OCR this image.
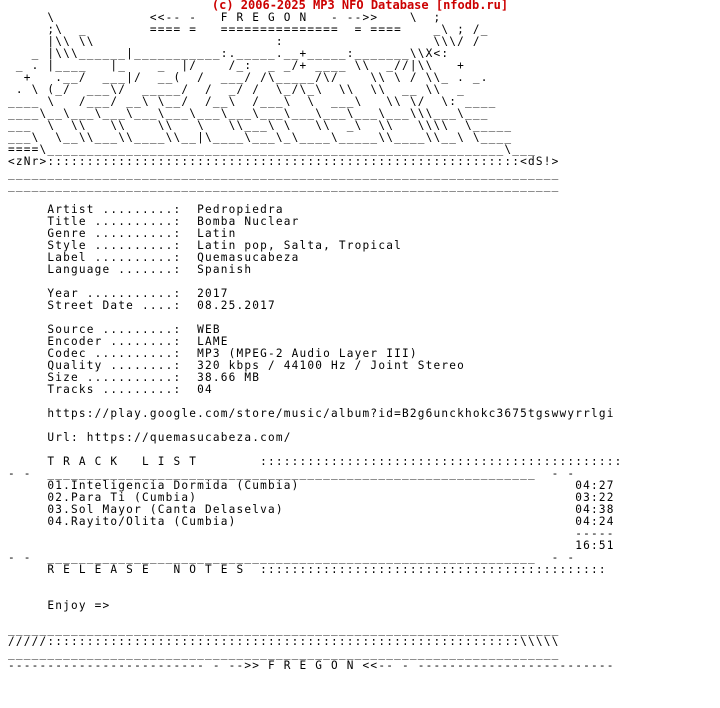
(c) 2006-2025 MP3 NFO Database [nfodb.ru]
\            <<-- -   F R E G O N   - -->>    \  ;
;\  _        ==== =   ===============  = ====    _\ ; /_
|\\ \\                       :                   \\\/ /
_ |\\\______|___________:._____.__+_____:_______\\X<:
_ . |____   |_    _  |/    /_:  _ _/+ ____ \\  _//|\\   +
+   .__/  ___|/  __(  /  ___/ /\_____/\/    \\ \ / \\_ . _.
. \ (_/  ___\/  _____/  /  _/ /  \_/\_\  \\  \\  __ \\  _
____ \   /___/ __\ \__/  /__\  /___\  \  ___\   \\ \/  \: ____
____\__\___\___\___\___\___\___\___\___\___\___\___\\\___\___
___  \  \\   \\    \\   \   \\___\ \   \\  _\  \\   \\\\  \_____
___\  \__\\___\\____\\__|\____\___\_\____\_____\\____\\__\ \____
====\__________________________________________________________\___
<zNr>::::::::::::::::::::::::::::::::::::::::::::::::::::::::::::<dS!>
______________________________________________________________________
______________________________________________________________________

Artist .........:  Pedropiedra
Title ..........:  Bomba Nuclear
Genre ..........:  Latin
Style ..........:  Latin pop, Salta, Tropical
Label ..........:  Quemasucabeza
Language .......:  Spanish

Year ...........:  2017
Street Date ....:  08.25.2017

Source .........:  WEB
Encoder ........:  LAME
Codec ..........:  MP3 (MPEG-2 Audio Layer III)
Quality ........:  320 kbps / 44100 Hz / Joint Stereo
Size ...........:  38.66 MB
Tracks .........:  04

https://play.google.com/store/music/album?id=B2g6unckhokc3675tgswwyrrlgi

Url: https://quemasucabeza.com/

T R A C K   L I S T        ::::::::::::::::::::::::::::::::::::::::::::::
- -  ______________________________________________________________  - -
01.Inteligencia Dormida (Cumbia)                                   04:27
02.Para Ti (Cumbia)                                                03:22
03.Sol Mayor (Canta Delaselva)                                     04:38
04.Rayito/Olita (Cumbia)                                           04:24
-----
16:51
- -  ______________________________________________________________  - -
R E L E A S E   N O T E S  ::::::::::::::::::::::::::::::::::::::::::::

Enjoy =>

______________________________________________________________________
/////::::::::::::::::::::::::::::::::::::::::::::::::::::::::::::\\\\\
______________________________________________________________________
------------------------- - -->> F R E G O N <<-- - -------------------------
